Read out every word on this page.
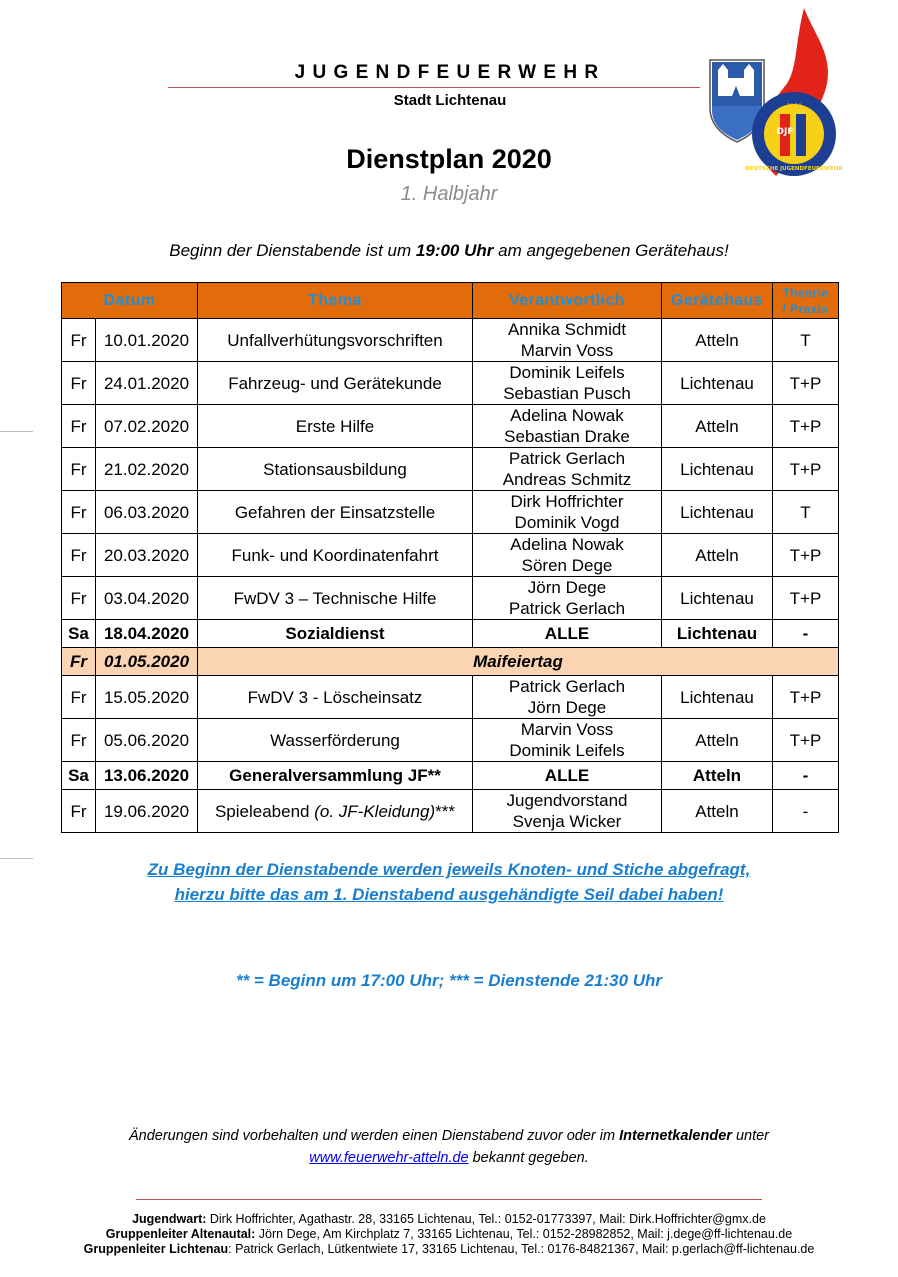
JUGENDFEUERWEHR
Stadt Lichtenau
DJF
1964
DEUTSCHE JUGENDFEUERWEHR
Dienstplan 2020
1. Halbjahr
Beginn der Dienstabende ist um 19:00 Uhr am angegebenen Gerätehaus!
Datum		Thema	Verantwortlich	Gerätehaus	Theorie
/ Praxis

Fr	10.01.2020	Unfallverhütungsvorschriften	Annika Schmidt
Marvin Voss	Atteln	T
Fr	24.01.2020	Fahrzeug- und Gerätekunde	Dominik Leifels
Sebastian Pusch	Lichtenau	T+P
Fr	07.02.2020	Erste Hilfe	Adelina Nowak
Sebastian Drake	Atteln	T+P
Fr	21.02.2020	Stationsausbildung	Patrick Gerlach
Andreas Schmitz	Lichtenau	T+P
Fr	06.03.2020	Gefahren der Einsatzstelle	Dirk Hoffrichter
Dominik Vogd	Lichtenau	T
Fr	20.03.2020	Funk- und Koordinatenfahrt	Adelina Nowak
Sören Dege	Atteln	T+P
Fr	03.04.2020	FwDV 3 – Technische Hilfe	Jörn Dege
Patrick Gerlach	Lichtenau	T+P
Sa	18.04.2020	Sozialdienst	ALLE	Lichtenau	-
Fr	01.05.2020	Maifeiertag			
Fr	15.05.2020	FwDV 3 - Löscheinsatz	Patrick Gerlach
Jörn Dege	Lichtenau	T+P
Fr	05.06.2020	Wasserförderung	Marvin Voss
Dominik Leifels	Atteln	T+P
Sa	13.06.2020	Generalversammlung JF**	ALLE	Atteln	-
Fr	19.06.2020	Spieleabend (o. JF-Kleidung)***	Jugendvorstand
Svenja Wicker	Atteln	-
Zu Beginn der Dienstabende werden jeweils Knoten- und Stiche abgefragt,
hierzu bitte das am 1. Dienstabend ausgehändigte Seil dabei haben!
** = Beginn um 17:00 Uhr; *** = Dienstende 21:30 Uhr
Änderungen sind vorbehalten und werden einen Dienstabend zuvor oder im Internetkalender unter
www.feuerwehr-atteln.de bekannt gegeben.
Jugendwart: Dirk Hoffrichter, Agathastr. 28, 33165 Lichtenau, Tel.: 0152-01773397, Mail: Dirk.Hoffrichter@gmx.de
Gruppenleiter Altenautal: Jörn Dege, Am Kirchplatz 7, 33165 Lichtenau, Tel.: 0152-28982852, Mail: j.dege@ff-lichtenau.de
Gruppenleiter Lichtenau: Patrick Gerlach, Lütkentwiete 17, 33165 Lichtenau, Tel.: 0176-84821367, Mail: p.gerlach@ff-lichtenau.de
